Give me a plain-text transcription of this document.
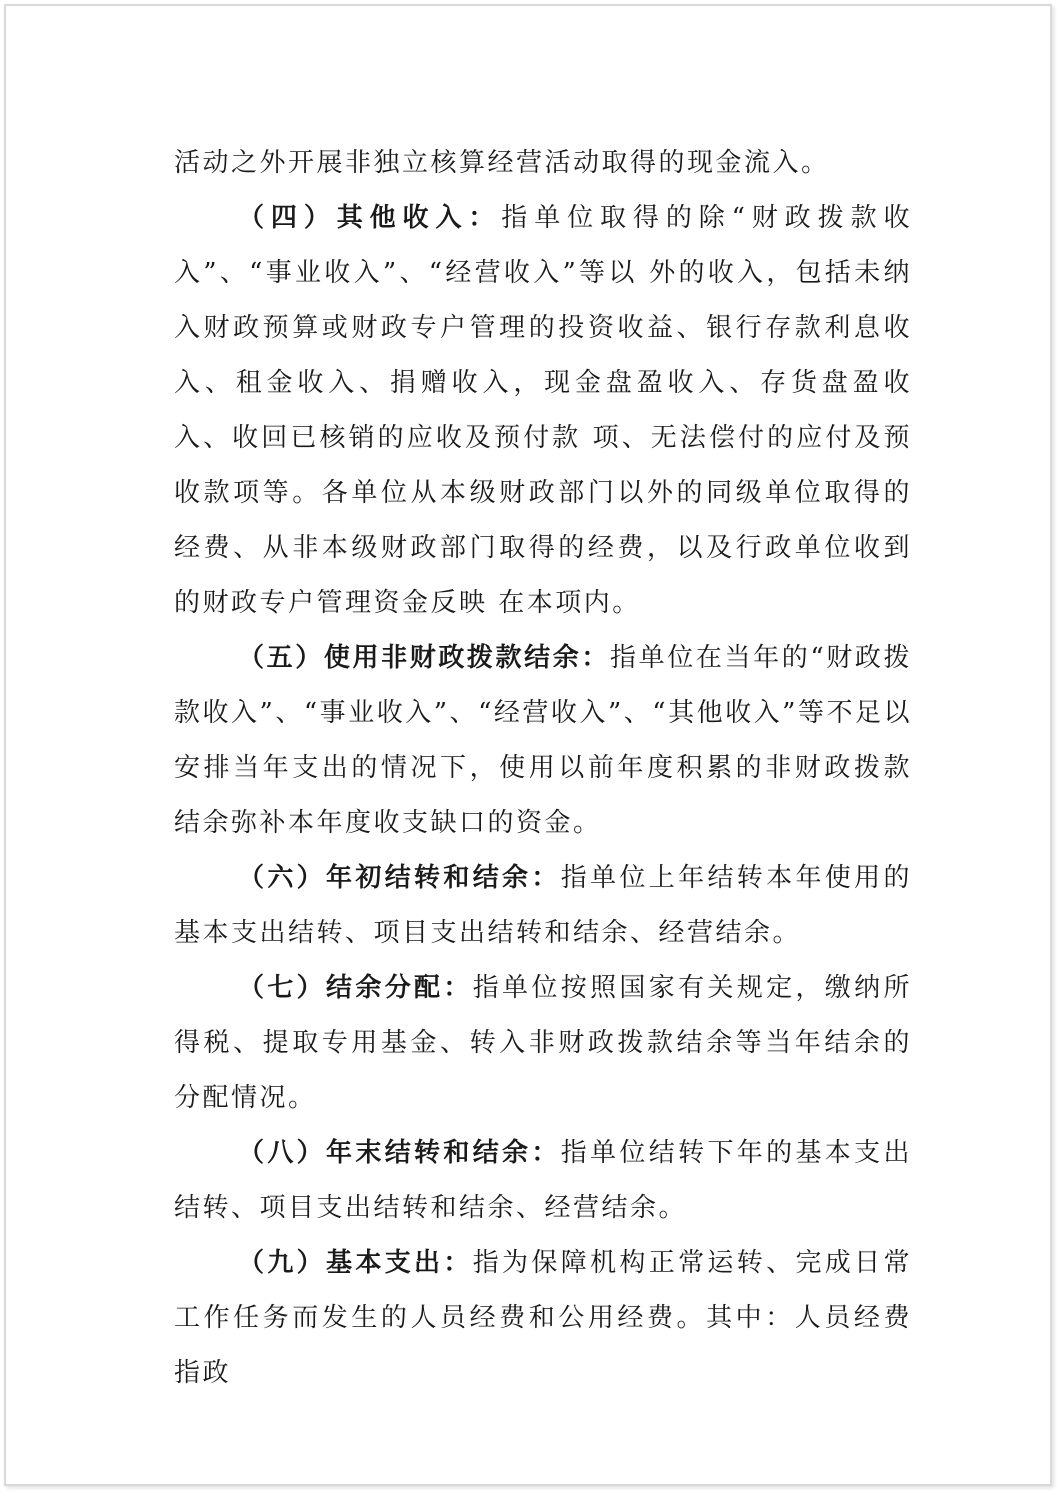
活动之外开展非独立核算经营活动取得的现金流入。

（四）其他收入：指单位取得的除“财政拨款收入”、“事业收入”、“经营收入”等以 外的收入，包括未纳入财政预算或财政专户管理的投资收益、银行存款利息收入、租金收入、捐赠收入，现金盘盈收入、存货盘盈收入、收回已核销的应收及预付款 项、无法偿付的应付及预收款项等。各单位从本级财政部门以外的同级单位取得的经费、从非本级财政部门取得的经费，以及行政单位收到的财政专户管理资金反映 在本项内。

（五）使用非财政拨款结余：指单位在当年的“财政拨款收入”、“事业收入”、“经营收入”、“其他收入”等不足以安排当年支出的情况下，使用以前年度积累的非财政拨款结余弥补本年度收支缺口的资金。

（六）年初结转和结余：指单位上年结转本年使用的基本支出结转、项目支出结转和结余、经营结余。

（七）结余分配：指单位按照国家有关规定，缴纳所得税、提取专用基金、转入非财政拨款结余等当年结余的分配情况。

（八）年末结转和结余：指单位结转下年的基本支出结转、项目支出结转和结余、经营结余。

（九）基本支出：指为保障机构正常运转、完成日常工作任务而发生的人员经费和公用经费。其中：人员经费指政
